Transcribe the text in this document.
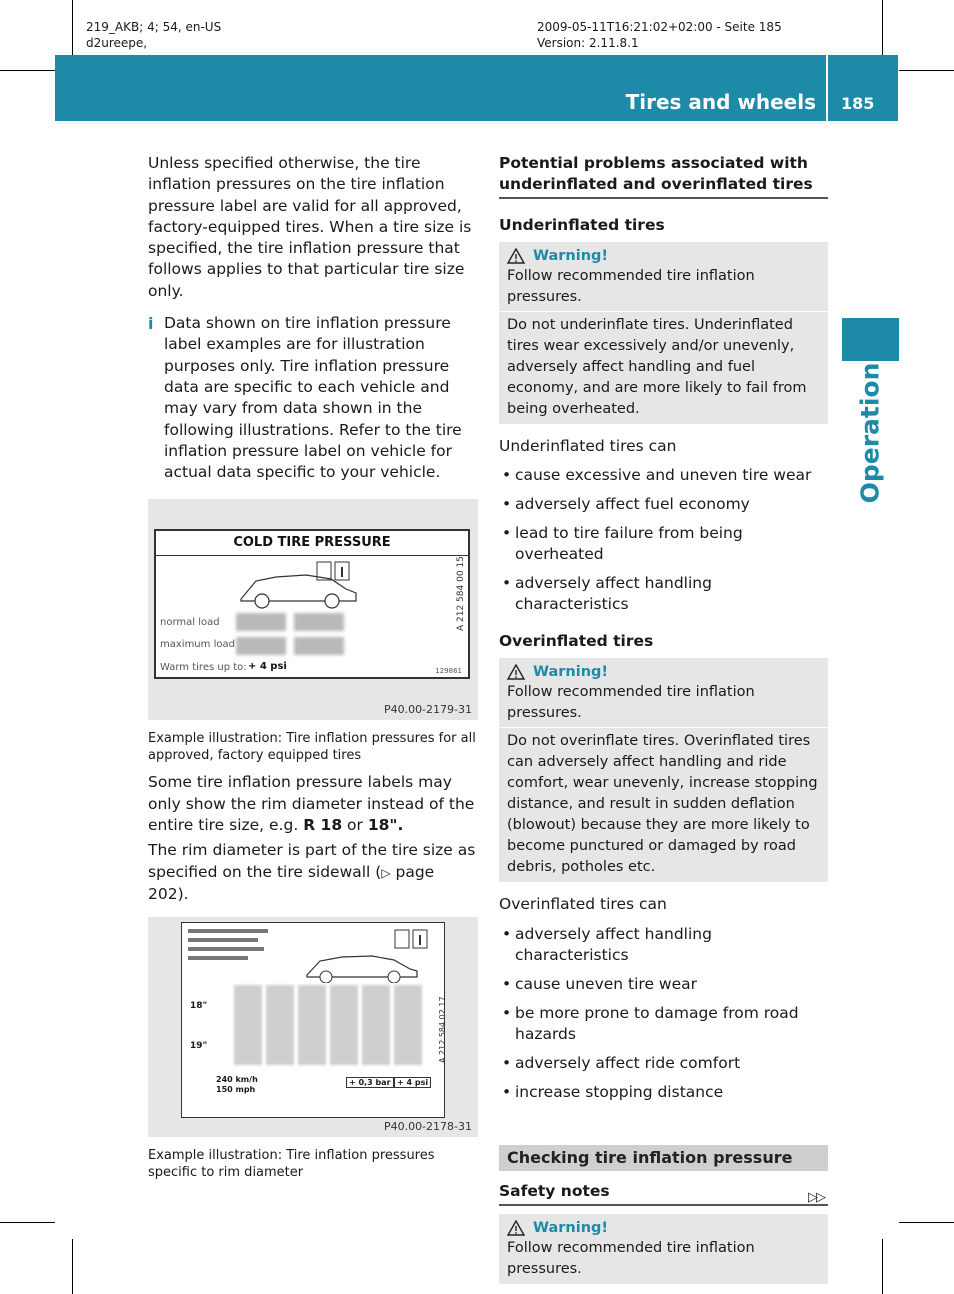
219_AKB; 4; 54, en-US
d2ureepe,
2009-05-11T16:21:02+02:00 - Seite 185
Version: 2.11.8.1
Tires and wheels 185
Operation

Unless specified otherwise, the tire inflation pressures on the tire inflation pressure label are valid for all approved, factory-equipped tires. When a tire size is specified, the tire inflation pressure that follows applies to that particular tire size only.

i Data shown on tire inflation pressure label examples are for illustration purposes only. Tire inflation pressure data are specific to each vehicle and may vary from data shown in the following illustrations. Refer to the tire inflation pressure label on vehicle for actual data specific to your vehicle.

COLD TIRE PRESSURE
normal load
maximum load
Warm tires up to: + 4 psi
A 212 584 00 15
129861
P40.00-2179-31
Example illustration: Tire inflation pressures for all approved, factory equipped tires

Some tire inflation pressure labels may only show the rim diameter instead of the entire tire size, e.g. R 18 or 18".

The rim diameter is part of the tire size as specified on the tire sidewall (▷ page 202).

18"
19"
240 km/h
150 mph
+ 0,3 bar + 4 psi
A 212 584 02 17
P40.00-2178-31
Example illustration: Tire inflation pressures specific to rim diameter
Potential problems associated with underinflated and overinflated tires
Underinflated tires
Warning!

Follow recommended tire inflation pressures.

Do not underinflate tires. Underinflated tires wear excessively and/or unevenly, adversely affect handling and fuel economy, and are more likely to fail from being overheated.

Underinflated tires can

• cause excessive and uneven tire wear
• adversely affect fuel economy
• lead to tire failure from being overheated
• adversely affect handling characteristics
Overinflated tires
Warning!

Follow recommended tire inflation pressures.

Do not overinflate tires. Overinflated tires can adversely affect handling and ride comfort, wear unevenly, increase stopping distance, and result in sudden deflation (blowout) because they are more likely to become punctured or damaged by road debris, potholes etc.

Overinflated tires can

• adversely affect handling characteristics
• cause uneven tire wear
• be more prone to damage from road hazards
• adversely affect ride comfort
• increase stopping distance
Checking tire inflation pressure
Safety notes
Warning!

Follow recommended tire inflation pressures.

▷▷
